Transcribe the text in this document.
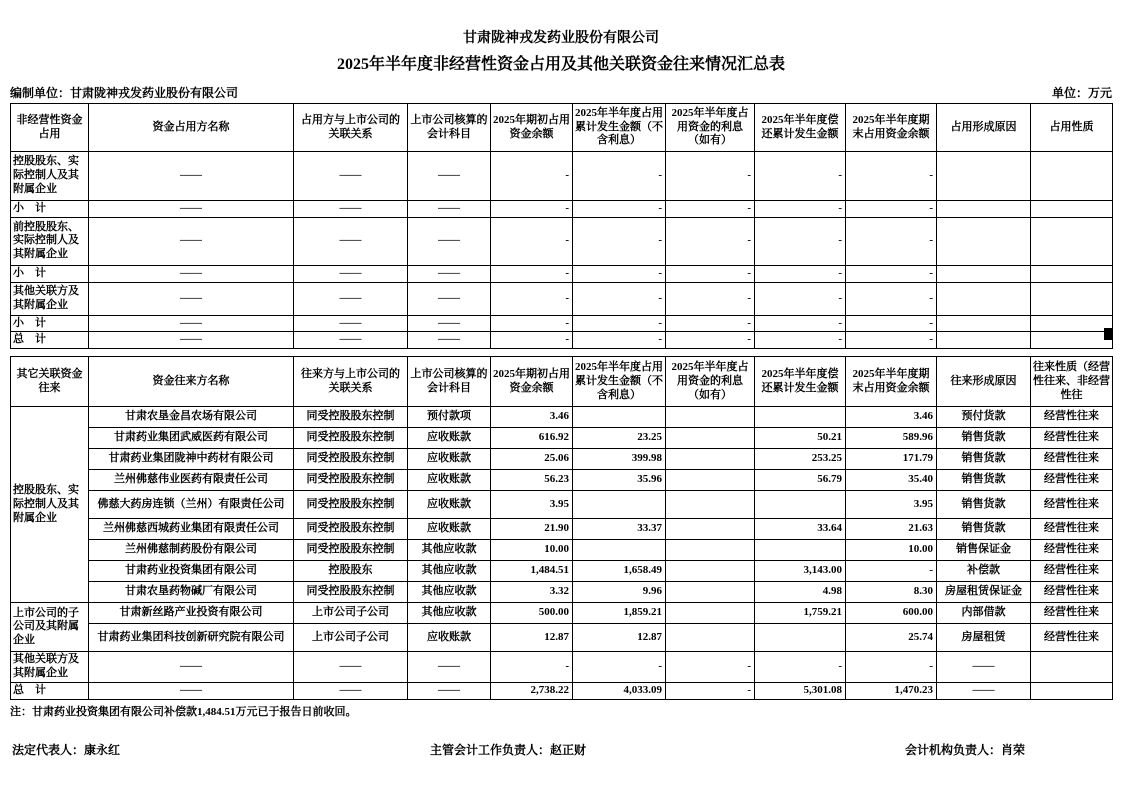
甘肃陇神戎发药业股份有限公司
2025年半年度非经营性资金占用及其他关联资金往来情况汇总表
编制单位：甘肃陇神戎发药业股份有限公司	单位：万元
非经营性资金占用	资金占用方名称	占用方与上市公司的关联关系	上市公司核算的会计科目	2025年期初占用资金余额	2025年半年度占用累计发生金额（不含利息）	2025年半年度占用资金的利息（如有）	2025年半年度偿还累计发生金额	2025年半年度期末占用资金余额	占用形成原因	占用性质
控股股东、实际控制人及其附属企业	——	——	——	-	-	-	-	-		
小    计	——	——	——	-	-	-	-	-		
前控股股东、实际控制人及其附属企业	——	——	——	-	-	-	-	-		
小    计	——	——	——	-	-	-	-	-		
其他关联方及其附属企业	——	——	——	-	-	-	-	-		
小    计	——	——	——	-	-	-	-	-		
总    计	——	——	——	-	-	-	-	-		
其它关联资金往来	资金往来方名称	往来方与上市公司的关联关系	上市公司核算的会计科目	2025年期初占用资金余额	2025年半年度占用累计发生金额（不含利息）	2025年半年度占用资金的利息（如有）	2025年半年度偿还累计发生金额	2025年半年度期末占用资金余额	往来形成原因	往来性质（经营性往来、非经营性往
控股股东、实际控制人及其附属企业	甘肃农垦金昌农场有限公司	同受控股股东控制	预付款项	3.46				3.46	预付货款	经营性往来
	甘肃药业集团武威医药有限公司	同受控股股东控制	应收账款	616.92	23.25		50.21	589.96	销售货款	经营性往来
	甘肃药业集团陇神中药材有限公司	同受控股股东控制	应收账款	25.06	399.98		253.25	171.79	销售货款	经营性往来
	兰州佛慈伟业医药有限责任公司	同受控股股东控制	应收账款	56.23	35.96		56.79	35.40	销售货款	经营性往来
	佛慈大药房连锁（兰州）有限责任公司	同受控股股东控制	应收账款	3.95				3.95	销售货款	经营性往来
	兰州佛慈西城药业集团有限责任公司	同受控股股东控制	应收账款	21.90	33.37		33.64	21.63	销售货款	经营性往来
	兰州佛慈制药股份有限公司	同受控股股东控制	其他应收款	10.00				10.00	销售保证金	经营性往来
	甘肃药业投资集团有限公司	控股股东	其他应收款	1,484.51	1,658.49		3,143.00	-	补偿款	经营性往来
	甘肃农垦药物碱厂有限公司	同受控股股东控制	其他应收款	3.32	9.96		4.98	8.30	房屋租赁保证金	经营性往来
上市公司的子公司及其附属企业	甘肃新丝路产业投资有限公司	上市公司子公司	其他应收款	500.00	1,859.21		1,759.21	600.00	内部借款	经营性往来
	甘肃药业集团科技创新研究院有限公司	上市公司子公司	应收账款	12.87	12.87			25.74	房屋租赁	经营性往来
其他关联方及其附属企业	——	——	——	-	-	-	-	-	——	
总    计	——	——	——	2,738.22	4,033.09	-	5,301.08	1,470.23	——	
注：甘肃药业投资集团有限公司补偿款1,484.51万元已于报告日前收回。
法定代表人：康永红	主管会计工作负责人：赵正财	会计机构负责人：肖荣
